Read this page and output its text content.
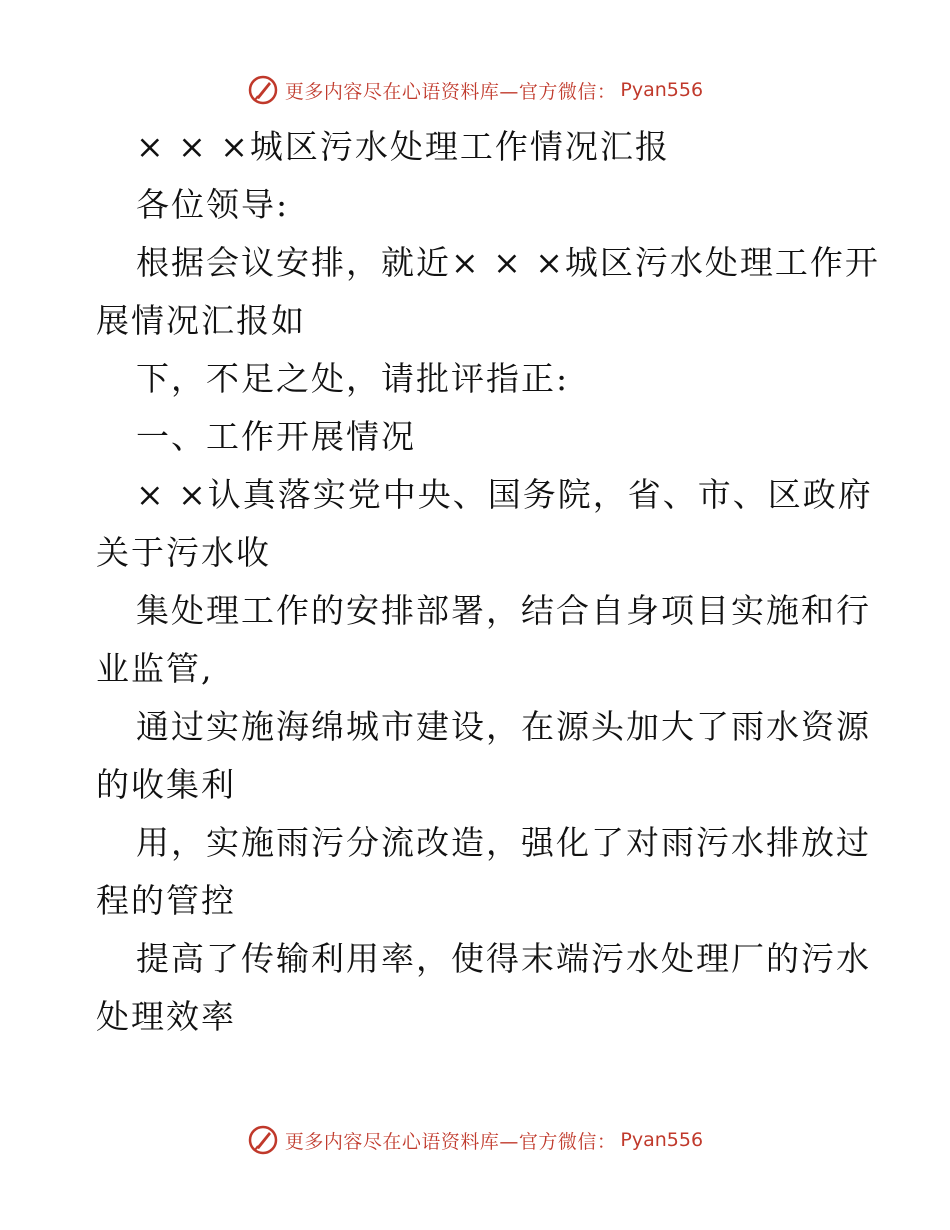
更多内容尽在心语资料库—官方微信： Pyan556
× × ×城区污水处理工作情况汇报
各位领导:
根据会议安排，就近× × ×城区污水处理工作开
展情况汇报如
下，不足之处，请批评指正:
一、工作开展情况
× ×认真落实党中央、国务院，省、市、区政府
关于污水收
集处理工作的安排部署，结合自身项目实施和行
业监管,
通过实施海绵城市建设，在源头加大了雨水资源
的收集利
用，实施雨污分流改造，强化了对雨污水排放过
程的管控
提高了传输利用率，使得末端污水处理厂的污水
处理效率
更多内容尽在心语资料库—官方微信： Pyan556
